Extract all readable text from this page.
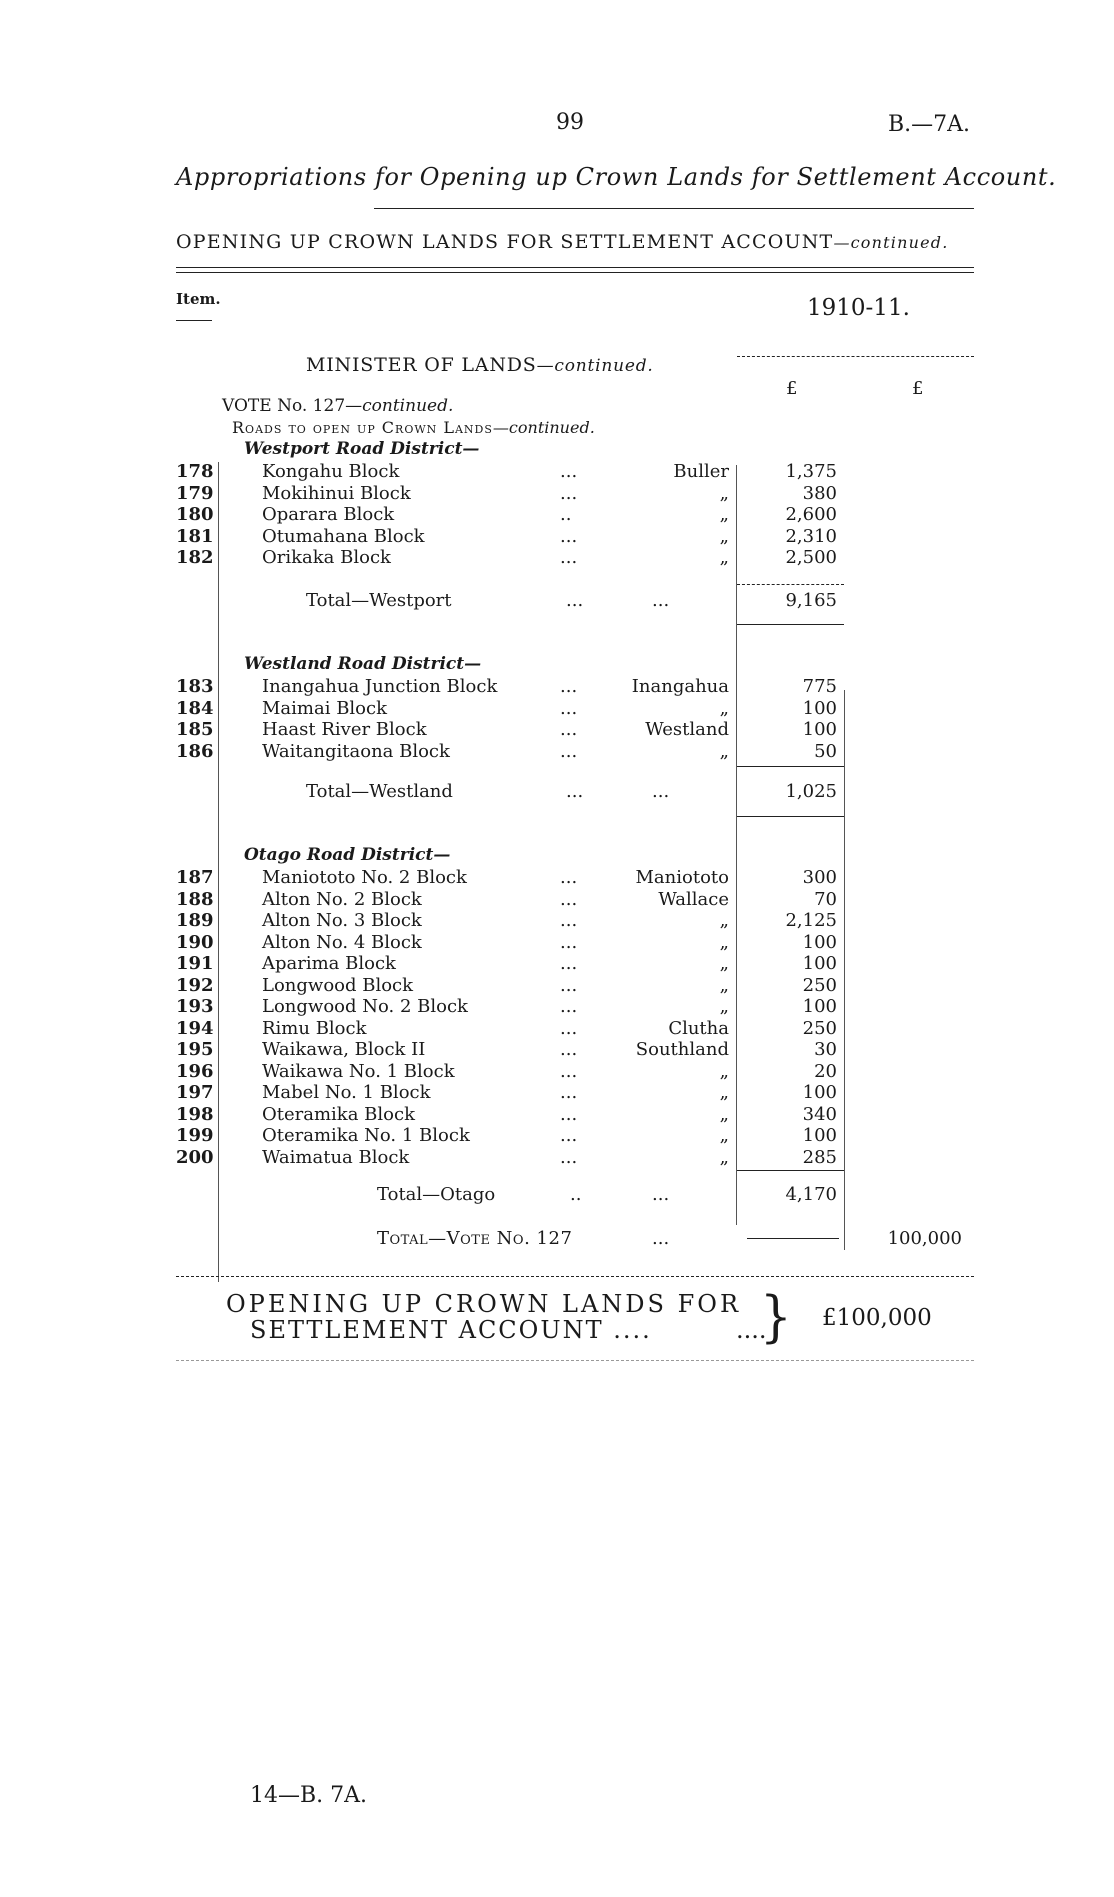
99	B.—7A.
Appropriations for Opening up Crown Lands for Settlement Account.
OPENING UP CROWN LANDS FOR SETTLEMENT ACCOUNT—continued.
Item.	1910-11.
£	£
MINISTER OF LANDS—continued.
VOTE No. 127—continued.
Roads to open up Crown Lands—continued.
Westport Road District—
178	Kongahu Block	...	Buller	1,375
179	Mokihinui Block	...	„	380
180	Oparara Block	..	„	2,600
181	Otumahana Block	...	„	2,310
182	Orikaka Block	...	„	2,500
Total—Westport	...	...	9,165
Westland Road District—
183	Inangahua Junction Block	...	Inangahua	775
184	Maimai Block	...	„	100
185	Haast River Block	...	Westland	100
186	Waitangitaona Block	...	„	50
Total—Westland	...	...	1,025
Otago Road District—
187	Maniototo No. 2 Block	...	Maniototo	300
188	Alton No. 2 Block	...	Wallace	70
189	Alton No. 3 Block	...	„	2,125
190	Alton No. 4 Block	...	„	100
191	Aparima Block	...	„	100
192	Longwood Block	...	„	250
193	Longwood No. 2 Block	...	„	100
194	Rimu Block	...	Clutha	250
195	Waikawa, Block II	...	Southland	30
196	Waikawa No. 1 Block	...	„	20
197	Mabel No. 1 Block	...	„	100
198	Oteramika Block	...	„	340
199	Oteramika No. 1 Block	...	„	100
200	Waimatua Block	...	„	285
Total—Otago	..	...	4,170
Total—Vote No. 127	...	100,000
OPENING UP CROWN LANDS FOR
SETTLEMENT ACCOUNT ....	....
} £100,000
14—B. 7A.
